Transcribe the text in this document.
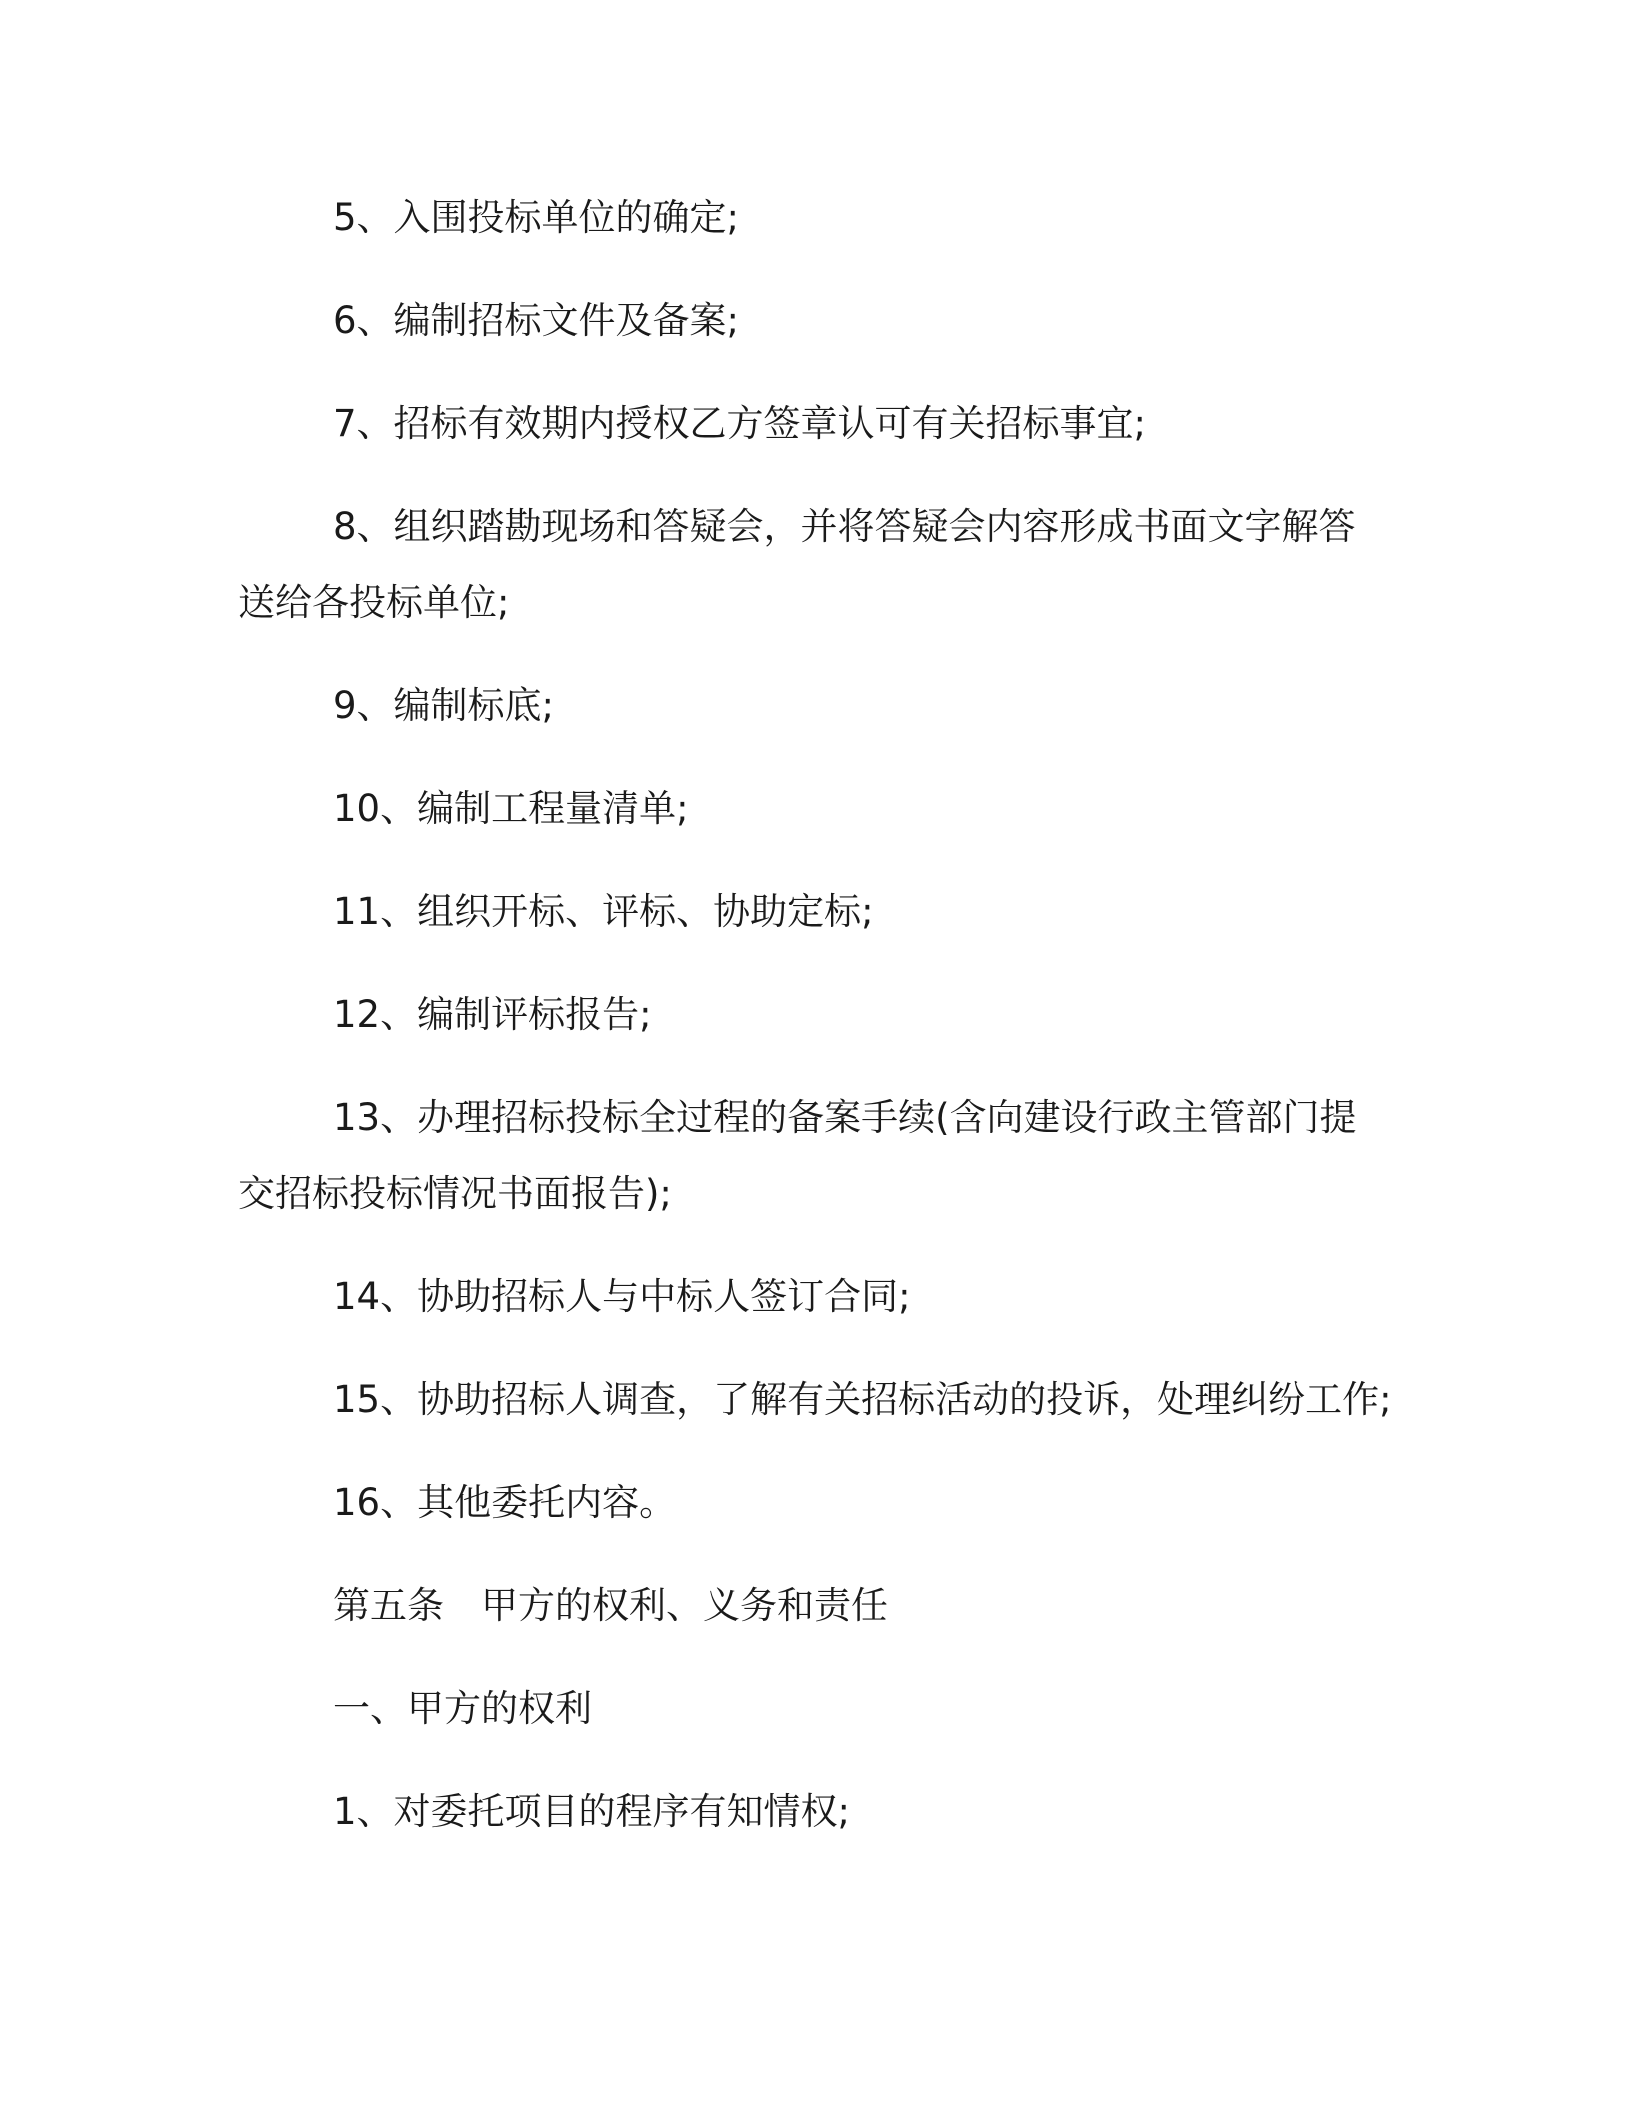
5、入围投标单位的确定;

6、编制招标文件及备案;

7、招标有效期内授权乙方签章认可有关招标事宜;

8、组织踏勘现场和答疑会，并将答疑会内容形成书面文字解答

送给各投标单位;

9、编制标底;

10、编制工程量清单;

11、组织开标、评标、协助定标;

12、编制评标报告;

13、办理招标投标全过程的备案手续(含向建设行政主管部门提

交招标投标情况书面报告);

14、协助招标人与中标人签订合同;

15、协助招标人调查，了解有关招标活动的投诉，处理纠纷工作;

16、其他委托内容。

第五条　甲方的权利、义务和责任

一、甲方的权利

1、对委托项目的程序有知情权;
